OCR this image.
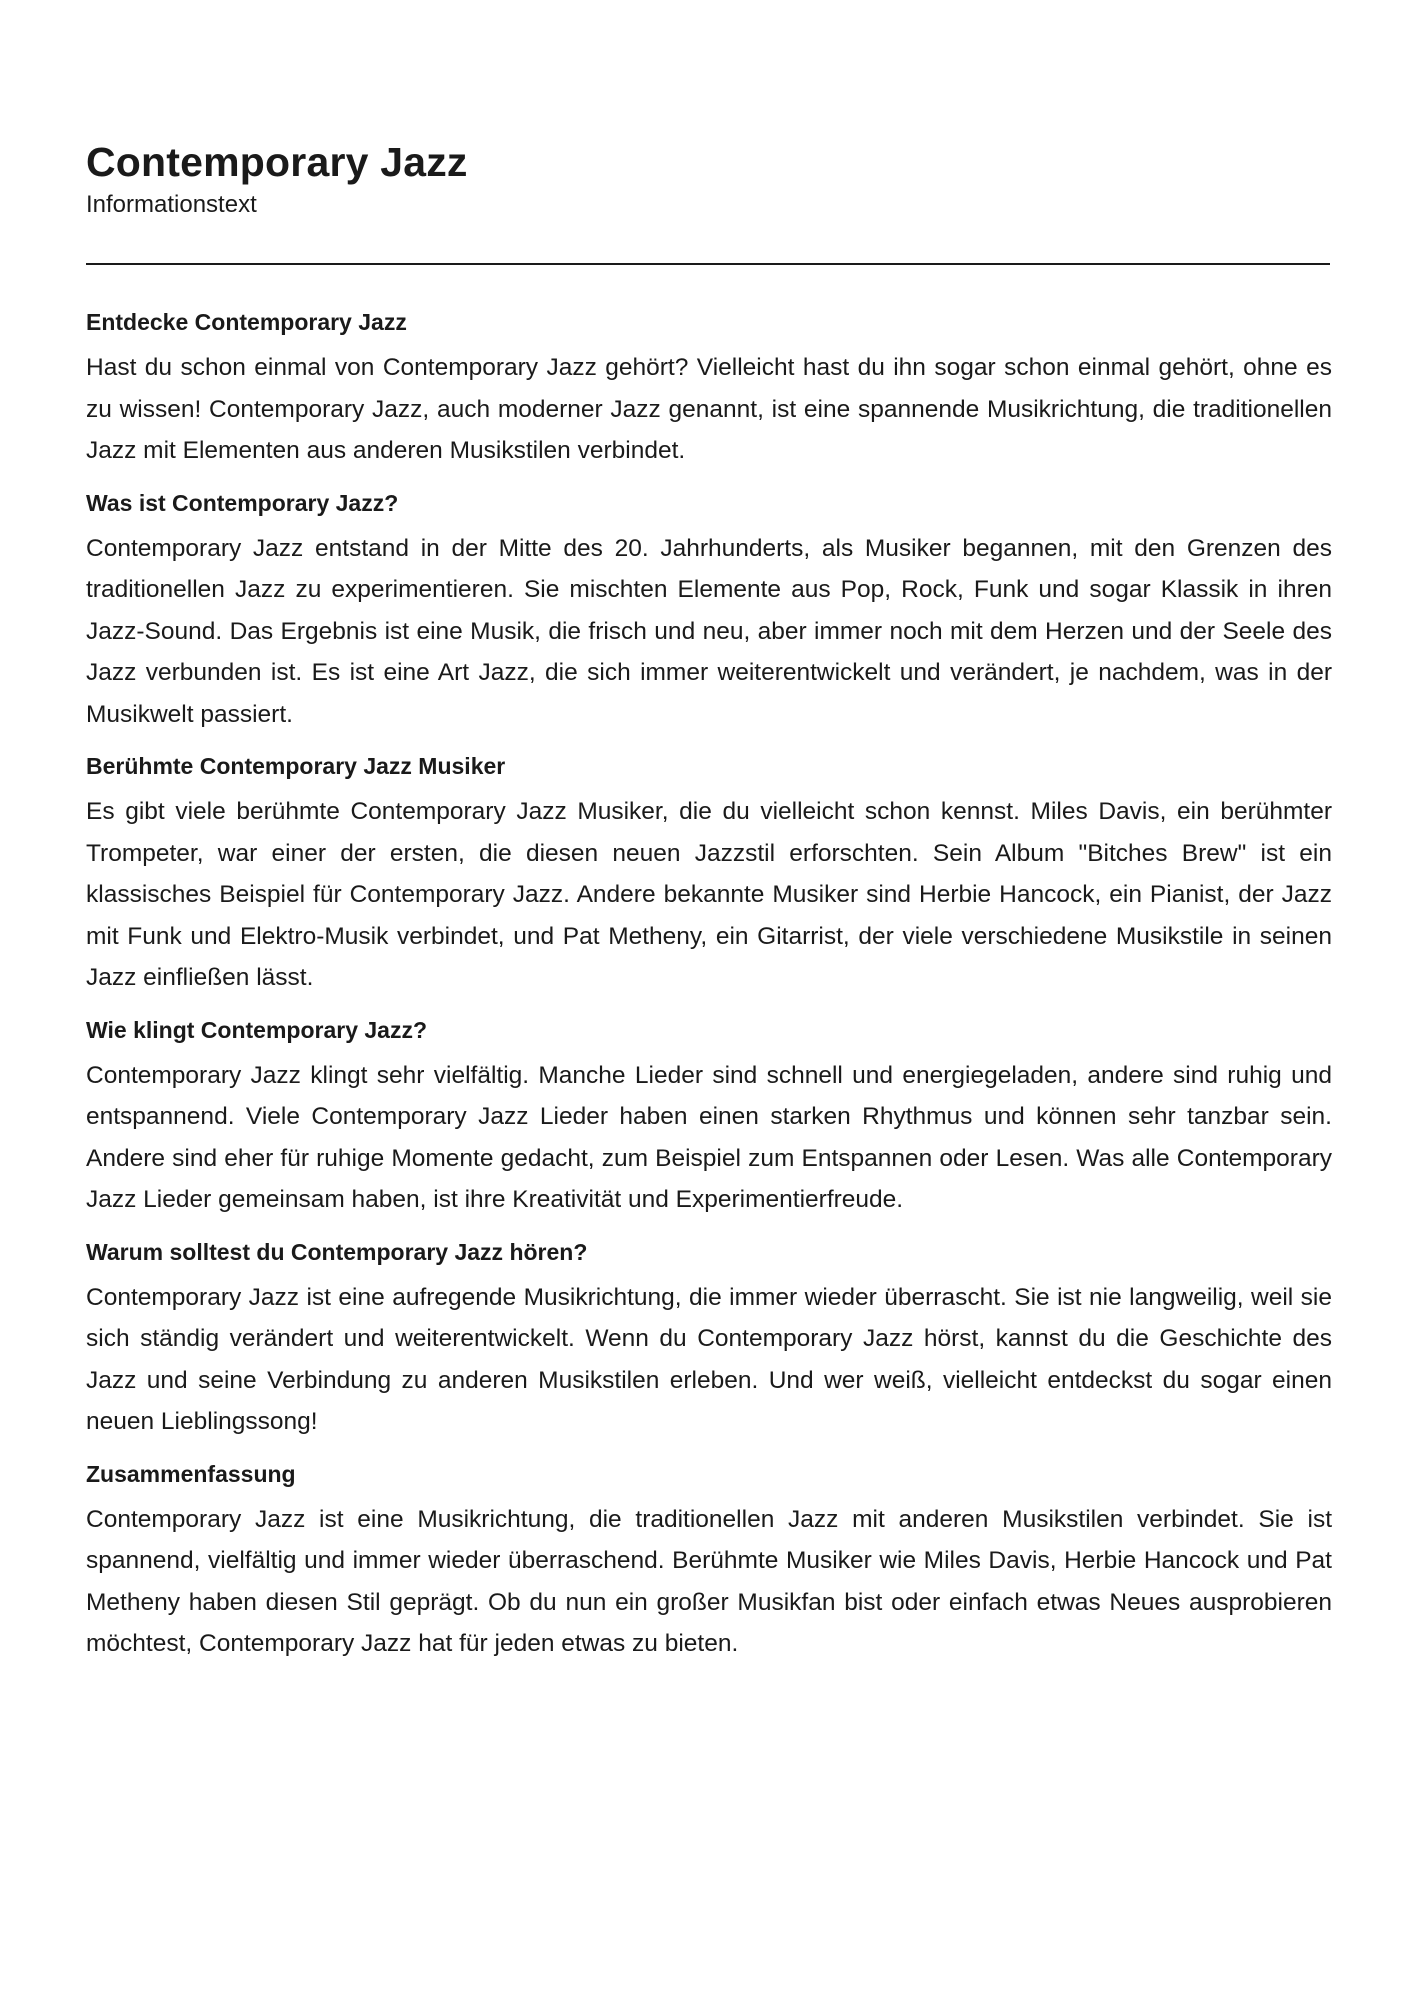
Contemporary Jazz
Informationstext
Entdecke Contemporary Jazz

Hast du schon einmal von Contemporary Jazz gehört? Vielleicht hast du ihn sogar schon einmal gehört, ohne es zu wissen! Contemporary Jazz, auch moderner Jazz genannt, ist eine spannende Musikrichtung, die traditionellen Jazz mit Elementen aus anderen Musikstilen verbindet.

Was ist Contemporary Jazz?

Contemporary Jazz entstand in der Mitte des 20. Jahrhunderts, als Musiker begannen, mit den Grenzen des traditionellen Jazz zu experimentieren. Sie mischten Elemente aus Pop, Rock, Funk und sogar Klassik in ihren Jazz-Sound. Das Ergebnis ist eine Musik, die frisch und neu, aber immer noch mit dem Herzen und der Seele des Jazz verbunden ist. Es ist eine Art Jazz, die sich immer weiterentwickelt und verändert, je nachdem, was in der Musikwelt passiert.

Berühmte Contemporary Jazz Musiker

Es gibt viele berühmte Contemporary Jazz Musiker, die du vielleicht schon kennst. Miles Davis, ein berühmter Trompeter, war einer der ersten, die diesen neuen Jazzstil erforschten. Sein Album "Bitches Brew" ist ein klassisches Beispiel für Contemporary Jazz. Andere bekannte Musiker sind Herbie Hancock, ein Pianist, der Jazz mit Funk und Elektro-Musik verbindet, und Pat Metheny, ein Gitarrist, der viele verschiedene Musikstile in seinen Jazz einfließen lässt.

Wie klingt Contemporary Jazz?

Contemporary Jazz klingt sehr vielfältig. Manche Lieder sind schnell und energiegeladen, andere sind ruhig und entspannend. Viele Contemporary Jazz Lieder haben einen starken Rhythmus und können sehr tanzbar sein. Andere sind eher für ruhige Momente gedacht, zum Beispiel zum Entspannen oder Lesen. Was alle Contemporary Jazz Lieder gemeinsam haben, ist ihre Kreativität und Experimentierfreude.

Warum solltest du Contemporary Jazz hören?

Contemporary Jazz ist eine aufregende Musikrichtung, die immer wieder überrascht. Sie ist nie langweilig, weil sie sich ständig verändert und weiterentwickelt. Wenn du Contemporary Jazz hörst, kannst du die Geschichte des Jazz und seine Verbindung zu anderen Musikstilen erleben. Und wer weiß, vielleicht entdeckst du sogar einen neuen Lieblingssong!

Zusammenfassung

Contemporary Jazz ist eine Musikrichtung, die traditionellen Jazz mit anderen Musikstilen verbindet. Sie ist spannend, vielfältig und immer wieder überraschend. Berühmte Musiker wie Miles Davis, Herbie Hancock und Pat Metheny haben diesen Stil geprägt. Ob du nun ein großer Musikfan bist oder einfach etwas Neues ausprobieren möchtest, Contemporary Jazz hat für jeden etwas zu bieten.
